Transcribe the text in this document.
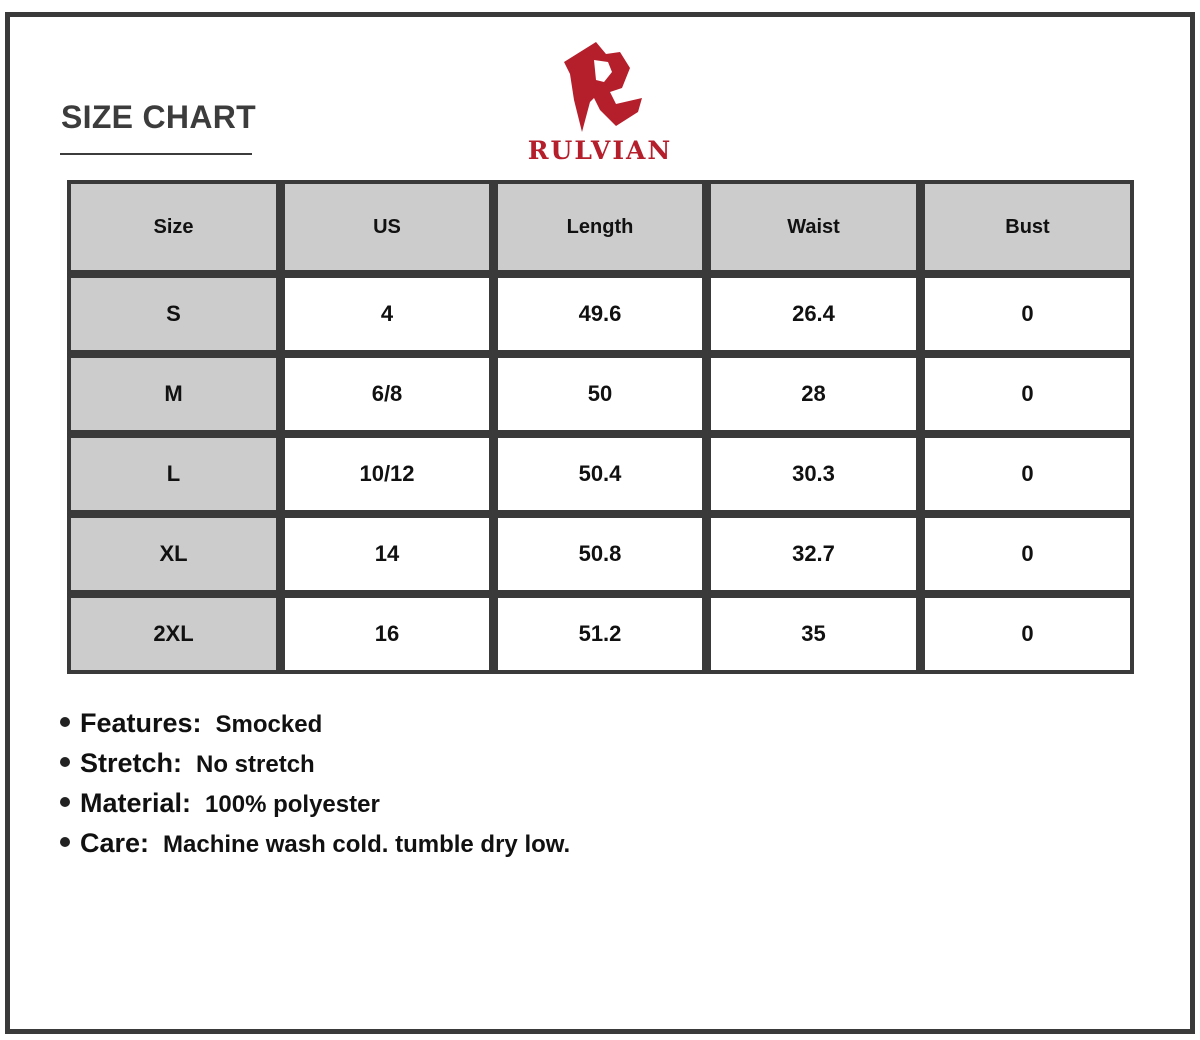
SIZE CHART
RULVIAN
Size	US	Length	Waist	Bust
S	4	49.6	26.4	0
M	6/8	50	28	0
L	10/12	50.4	30.3	0
XL	14	50.8	32.7	0
2XL	16	51.2	35	0
Features: Smocked
Stretch: No stretch
Material: 100% polyester
Care: Machine wash cold. tumble dry low.
